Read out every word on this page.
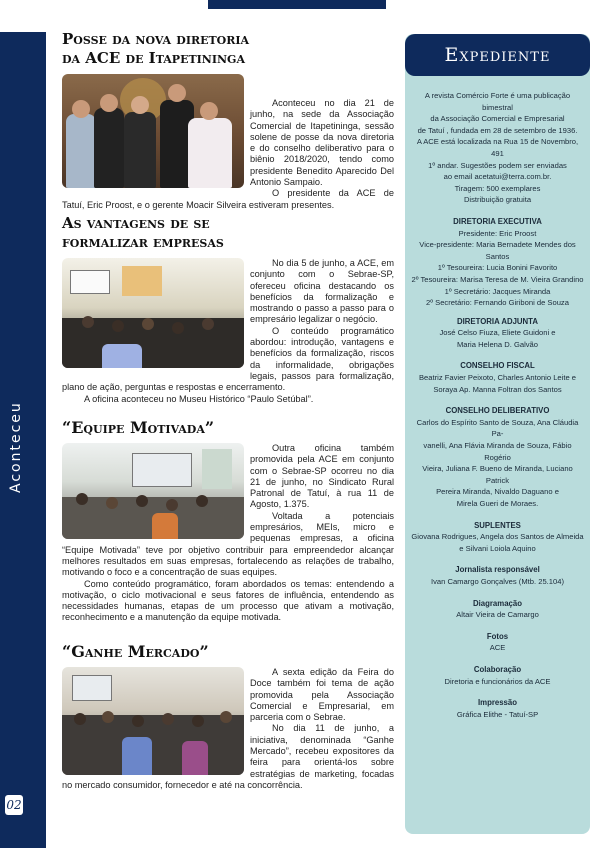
Aconteceu
02
Posse da nova diretoria
da ACE de Itapetininga

Aconteceu no dia 21 de junho, na sede da Associação Comercial de Itapetininga, sessão solene de posse da nova diretoria e do conselho deliberativo para o biênio 2018/2020, tendo como presidente Benedito Aparecido Del Antonio Sampaio.

O presidente da ACE de Tatuí, Eric Proost, e o gerente Moacir Silveira estiveram presentes.

As vantagens de se
formalizar empresas

No dia 5 de junho, a ACE, em conjunto com o Sebrae-SP, ofereceu oficina destacando os benefícios da formalização e mostrando o passo a passo para o empresário legalizar o negócio.

O conteúdo programático abordou: introdução, vantagens e benefícios da formalização, riscos da informalidade, obrigações legais, passos para formalização, plano de ação, perguntas e respostas e encerramento.

A oficina aconteceu no Museu Histórico “Paulo Setúbal”.

“Equipe Motivada”

Outra oficina também promovida pela ACE em conjunto com o Sebrae-SP ocorreu no dia 21 de junho, no Sindicato Rural Patronal de Tatuí, à rua 11 de Agosto, 1.375.

Voltada a potenciais empresários, MEIs, micro e pequenas empresas, a oficina “Equipe Motivada” teve por objetivo contribuir para empreendedor alcançar melhores resultados em suas empresas, fortalecendo as relações de trabalho, motivando o foco e a concentração de suas equipes.

Como conteúdo programático, foram abordados os temas: entendendo a motivação, o ciclo motivacional e seus fatores de influência, entendendo as necessidades humanas, etapas de um processo que ativam a motivação, reconhecimento e a manutenção da equipe motivada.

“Ganhe Mercado”

A sexta edição da Feira do Doce também foi tema de ação promovida pela Associação Comercial e Empresarial, em parceria com o Sebrae.

No dia 11 de junho, a iniciativa, denominada “Ganhe Mercado”, recebeu expositores da feira para orientá-los sobre estratégias de marketing, focadas no mercado consumidor, fornecedor e até na concorrência.

Expediente
A revista Comércio Forte é uma publicação bimestral
da Associação Comercial e Empresarial
de Tatuí , fundada em 28 de setembro de 1936.
A ACE está localizada na Rua 15 de Novembro, 491
1º andar. Sugestões podem ser enviadas
ao email acetatui@terra.com.br.
Tiragem: 500 exemplares
Distribuição gratuita
DIRETORIA EXECUTIVA
Presidente: Eric Proost
Vice-presidente: Maria Bernadete Mendes dos Santos
1º Tesoureira: Lucia Bonini Favorito
2º Tesoureira: Marisa Teresa de M. Vieira Grandino
1º Secretário: Jacques Miranda
2º Secretário: Fernando Giriboni de Souza
DIRETORIA ADJUNTA
José Celso Fiuza, Eliete Guidoni e
Maria Helena D. Galvão
CONSELHO FISCAL
Beatriz Favier Peixoto, Charles Antonio Leite e
Soraya Ap. Manna Foltran dos Santos
CONSELHO DELIBERATIVO
Carlos do Espírito Santo de Souza, Ana Cláudia Pa-
vanelli, Ana Flávia Miranda de Souza, Fábio Rogério
Vieira, Juliana F. Bueno de Miranda, Luciano Patrick
Pereira Miranda, Nivaldo Daguano e
Mirela Gueri de Moraes.
SUPLENTES
Giovana Rodrigues, Angela dos Santos de Almeida
e Silvani Loiola Aquino
Jornalista responsável
Ivan Camargo Gonçalves (Mtb. 25.104)
Diagramação
Altair Vieira de Camargo
Fotos
ACE
Colaboração
Diretoria e funcionários da ACE
Impressão
Gráfica Elithe - Tatuí-SP
